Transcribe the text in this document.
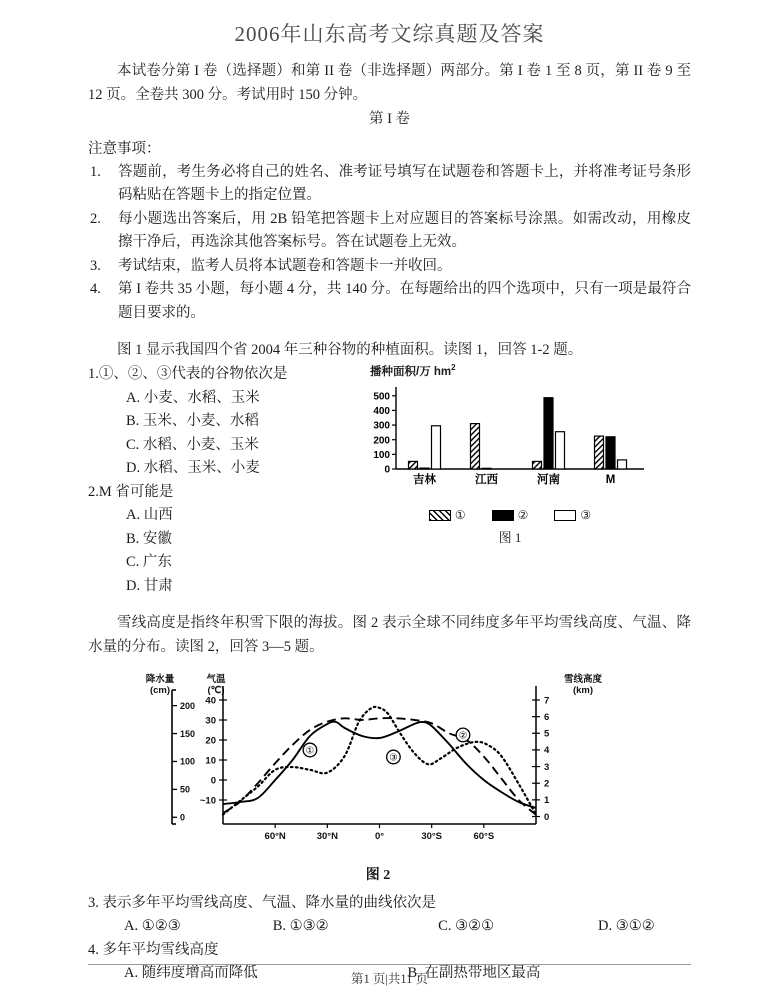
2006年山东高考文综真题及答案
本试卷分第 I 卷（选择题）和第 II 卷（非选择题）两部分。第 I 卷 1 至 8 页，第 II 卷 9 至 12 页。全卷共 300 分。考试用时 150 分钟。
第 I 卷
注意事项：
答题前，考生务必将自己的姓名、准考证号填写在试题卷和答题卡上，并将准考证号条形码粘贴在答题卡上的指定位置。
每小题选出答案后，用 2B 铅笔把答题卡上对应题目的答案标号涂黑。如需改动，用橡皮擦干净后，再选涂其他答案标号。答在试题卷上无效。
考试结束，监考人员将本试题卷和答题卡一并收回。
第 I 卷共 35 小题，每小题 4 分，共 140 分。在每题给出的四个选项中，只有一项是最符合题目要求的。
图 1 显示我国四个省 2004 年三种谷物的种植面积。读图 1，回答 1-2 题。
1.①、②、③代表的谷物依次是
A. 小麦、水稻、玉米
B. 玉米、小麦、水稻
C. 水稻、小麦、玉米
D. 水稻、玉米、小麦
2.M 省可能是
A. 山西
B. 安徽
C. 广东
D. 甘肃
播种面积/万 $hm^2$
0
100
200
300
400
500
吉林	江西	河南	M
①	②	③
图 1
雪线高度是指终年积雪下限的海拔。图 2 表示全球不同纬度多年平均雪线高度、气温、降水量的分布。读图 2，回答 3—5 题。
降水量
(cm)
气温
(℃)
雪线高度
(km)
0
50
100
150
200
~10
0
10
20
30
40
0
1
2
3
4
5
6
7
60°N	30°N	0°	30°S	60°S
①
②
③
图 2
3. 表示多年平均雪线高度、气温、降水量的曲线依次是
A. ①②③	B. ①③②	C. ③②①	D. ③①②
4. 多年平均雪线高度
A. 随纬度增高而降低	B. 在副热带地区最高
第1 页|共11 页
